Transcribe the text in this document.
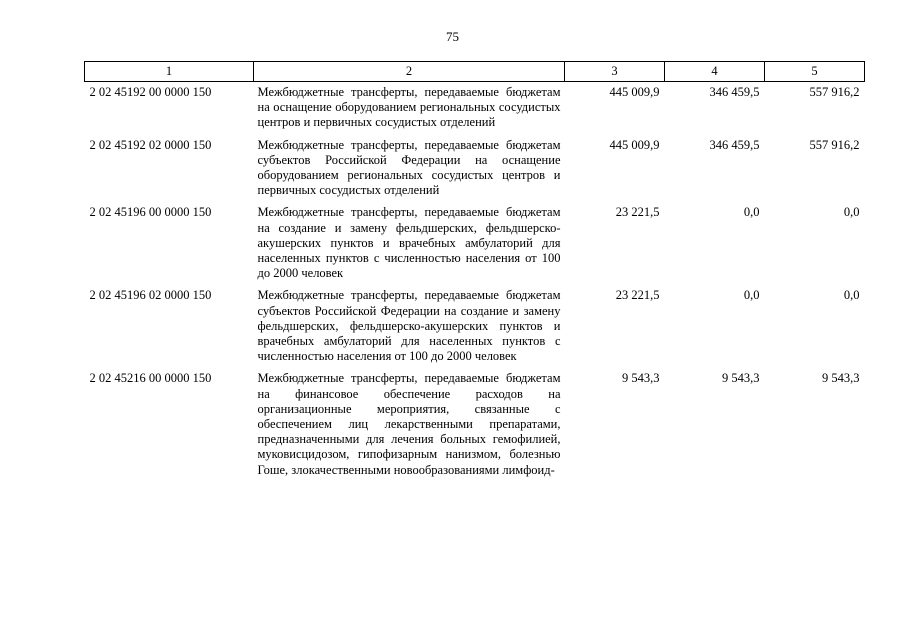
75
1	2	3	4	5
2 02 45192 00 0000 150	Межбюджетные трансферты, передаваемые бюджетам на оснащение оборудованием региональных сосудистых центров и первичных сосудистых отделений	445 009,9	346 459,5	557 916,2
2 02 45192 02 0000 150	Межбюджетные трансферты, передаваемые бюджетам субъектов Российской Федерации на оснащение оборудованием региональных сосудистых центров и первичных сосудистых отделений	445 009,9	346 459,5	557 916,2
2 02 45196 00 0000 150	Межбюджетные трансферты, передаваемые бюджетам на создание и замену фельдшерских, фельдшерско-акушерских пунктов и врачебных амбулаторий для населенных пунктов с численностью населения от 100 до 2000 человек	23 221,5	0,0	0,0
2 02 45196 02 0000 150	Межбюджетные трансферты, передаваемые бюджетам субъектов Российской Федерации на создание и замену фельдшерских, фельдшерско-акушерских пунктов и врачебных амбулаторий для населенных пунктов с численностью населения от 100 до 2000 человек	23 221,5	0,0	0,0
2 02 45216 00 0000 150	Межбюджетные трансферты, передаваемые бюджетам на финансовое обеспечение расходов на организационные мероприятия, связанные с обеспечением лиц лекарственными препаратами, предназначенными для лечения больных гемофилией, муковисцидозом, гипофизарным нанизмом, болезнью Гоше, злокачественными новообразованиями лимфоид-	9 543,3	9 543,3	9 543,3
